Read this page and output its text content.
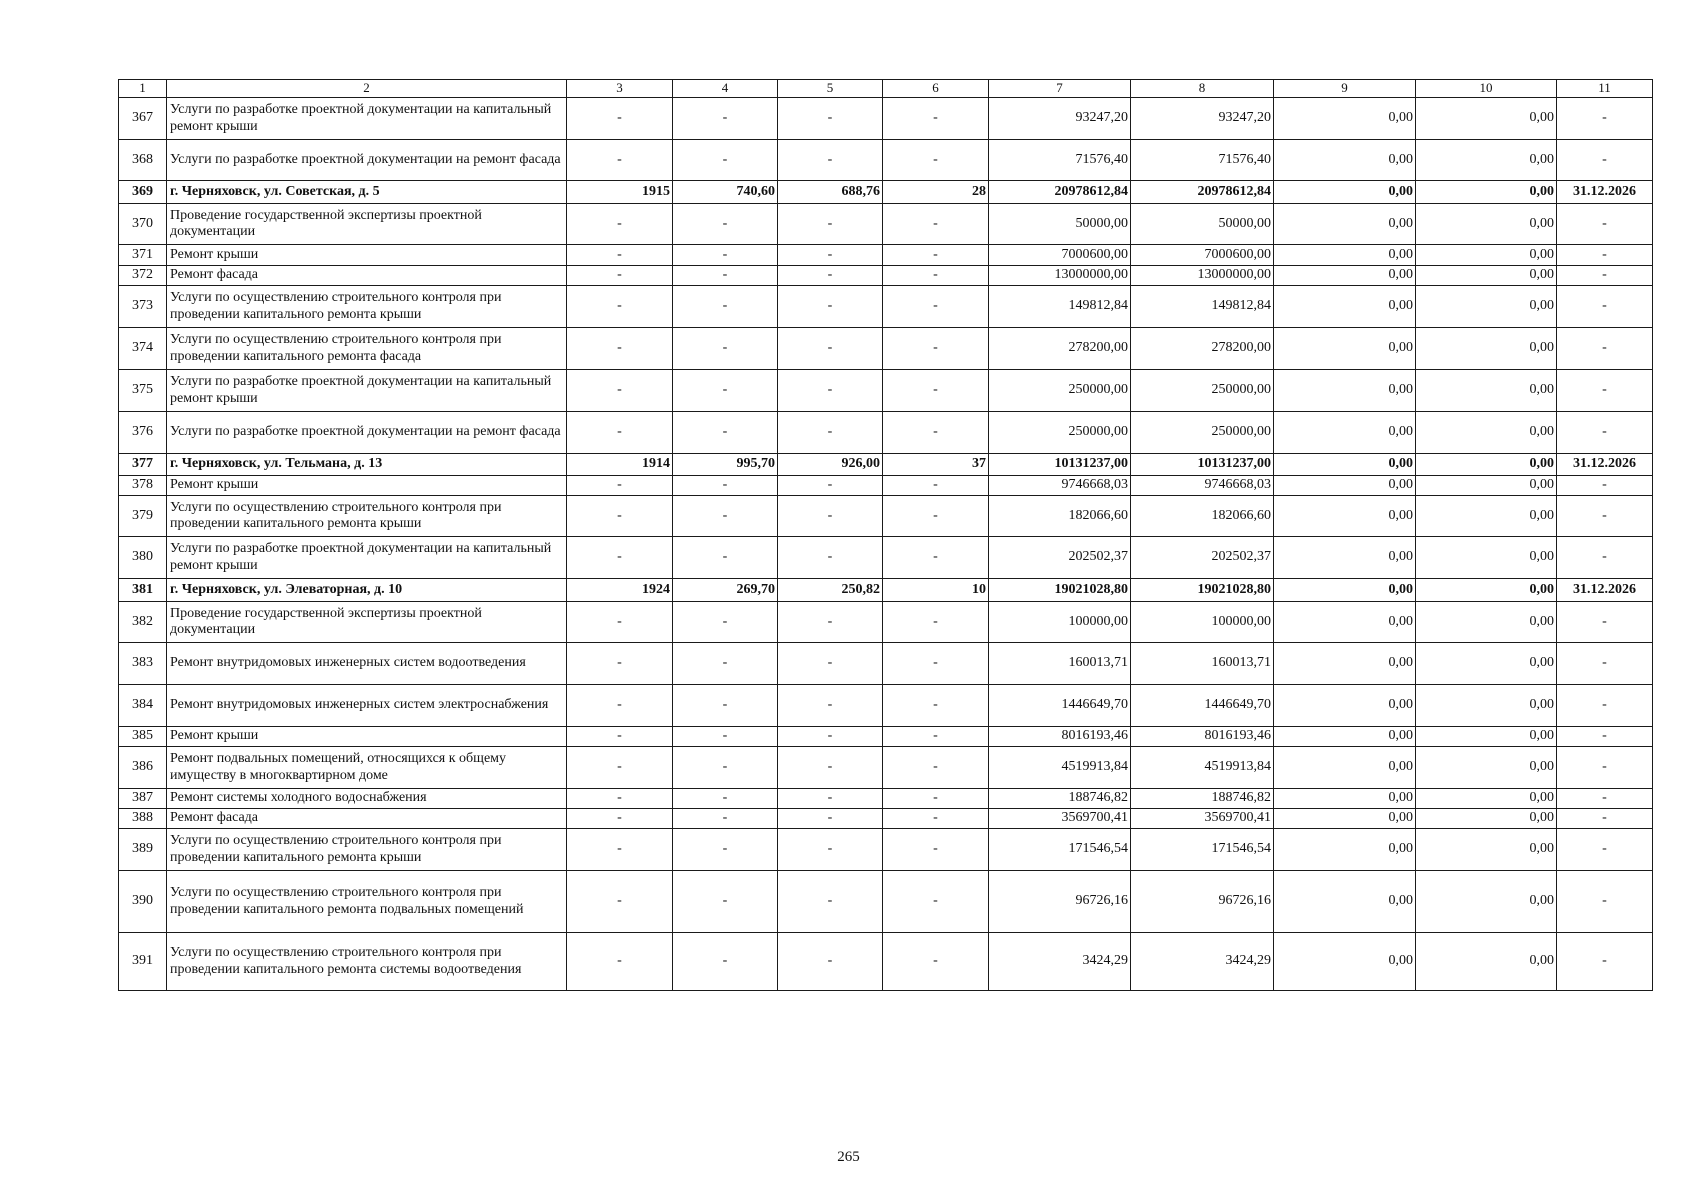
1	2	3	4	5	6	7	8	9	10	11
367	Услуги по разработке проектной документации на капитальный ремонт крыши	-	-	-	-	93247,20	93247,20	0,00	0,00	-
368	Услуги по разработке проектной документации на ремонт фасада	-	-	-	-	71576,40	71576,40	0,00	0,00	-
369	г. Черняховск, ул. Советская, д. 5	1915	740,60	688,76	28	20978612,84	20978612,84	0,00	0,00	31.12.2026
370	Проведение государственной экспертизы проектной документации	-	-	-	-	50000,00	50000,00	0,00	0,00	-
371	Ремонт крыши	-	-	-	-	7000600,00	7000600,00	0,00	0,00	-
372	Ремонт фасада	-	-	-	-	13000000,00	13000000,00	0,00	0,00	-
373	Услуги по осуществлению строительного контроля при проведении капитального ремонта крыши	-	-	-	-	149812,84	149812,84	0,00	0,00	-
374	Услуги по осуществлению строительного контроля при проведении капитального ремонта фасада	-	-	-	-	278200,00	278200,00	0,00	0,00	-
375	Услуги по разработке проектной документации на капитальный ремонт крыши	-	-	-	-	250000,00	250000,00	0,00	0,00	-
376	Услуги по разработке проектной документации на ремонт фасада	-	-	-	-	250000,00	250000,00	0,00	0,00	-
377	г. Черняховск, ул. Тельмана, д. 13	1914	995,70	926,00	37	10131237,00	10131237,00	0,00	0,00	31.12.2026
378	Ремонт крыши	-	-	-	-	9746668,03	9746668,03	0,00	0,00	-
379	Услуги по осуществлению строительного контроля при проведении капитального ремонта крыши	-	-	-	-	182066,60	182066,60	0,00	0,00	-
380	Услуги по разработке проектной документации на капитальный ремонт крыши	-	-	-	-	202502,37	202502,37	0,00	0,00	-
381	г. Черняховск, ул. Элеваторная, д. 10	1924	269,70	250,82	10	19021028,80	19021028,80	0,00	0,00	31.12.2026
382	Проведение государственной экспертизы проектной документации	-	-	-	-	100000,00	100000,00	0,00	0,00	-
383	Ремонт внутридомовых инженерных систем водоотведения	-	-	-	-	160013,71	160013,71	0,00	0,00	-
384	Ремонт внутридомовых инженерных систем электроснабжения	-	-	-	-	1446649,70	1446649,70	0,00	0,00	-
385	Ремонт крыши	-	-	-	-	8016193,46	8016193,46	0,00	0,00	-
386	Ремонт подвальных помещений, относящихся к общему имуществу в многоквартирном доме	-	-	-	-	4519913,84	4519913,84	0,00	0,00	-
387	Ремонт системы холодного водоснабжения	-	-	-	-	188746,82	188746,82	0,00	0,00	-
388	Ремонт фасада	-	-	-	-	3569700,41	3569700,41	0,00	0,00	-
389	Услуги по осуществлению строительного контроля при проведении капитального ремонта крыши	-	-	-	-	171546,54	171546,54	0,00	0,00	-
390	Услуги по осуществлению строительного контроля при проведении капитального ремонта подвальных помещений	-	-	-	-	96726,16	96726,16	0,00	0,00	-
391	Услуги по осуществлению строительного контроля при проведении капитального ремонта системы водоотведения	-	-	-	-	3424,29	3424,29	0,00	0,00	-
265
